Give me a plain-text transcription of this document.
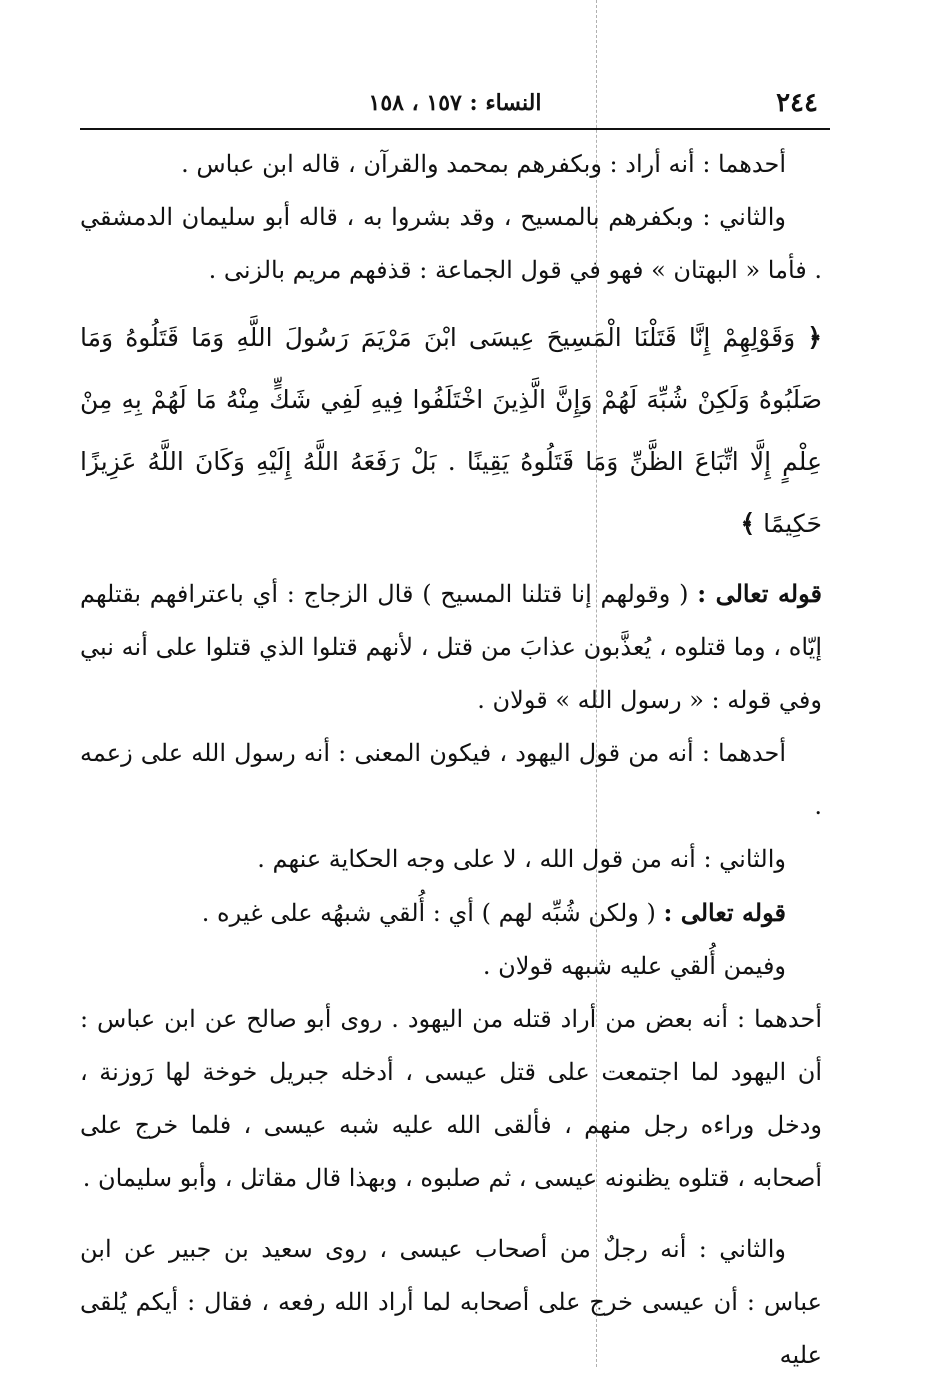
٢٤٤
النساء : ١٥٧ ، ١٥٨

أحدهما : أنه أراد : وبكفرهم بمحمد والقرآن ، قاله ابن عباس .

والثاني : وبكفرهم بالمسيح ، وقد بشروا به ، قاله أبو سليمان الدمشقي . فأما « البهتان » فهو في قول الجماعة : قذفهم مريم بالزنى .

﴿ وَقَوْلِهِمْ إِنَّا قَتَلْنَا الْمَسِيحَ عِيسَى ابْنَ مَرْيَمَ رَسُولَ اللَّهِ وَمَا قَتَلُوهُ وَمَا صَلَبُوهُ وَلَكِنْ شُبِّهَ لَهُمْ وَإِنَّ الَّذِينَ اخْتَلَفُوا فِيهِ لَفِي شَكٍّ مِنْهُ مَا لَهُمْ بِهِ مِنْ عِلْمٍ إِلَّا اتِّبَاعَ الظَّنِّ وَمَا قَتَلُوهُ يَقِينًا . بَلْ رَفَعَهُ اللَّهُ إِلَيْهِ وَكَانَ اللَّهُ عَزِيزًا حَكِيمًا ﴾

قوله تعالى : ( وقولهم إنا قتلنا المسيح ) قال الزجاج : أي باعترافهم بقتلهم إيّاه ، وما قتلوه ، يُعذَّبون عذابَ من قتل ، لأنهم قتلوا الذي قتلوا على أنه نبي وفي قوله : « رسول الله » قولان .

أحدهما : أنه من قول اليهود ، فيكون المعنى : أنه رسول الله على زعمه .

والثاني : أنه من قول الله ، لا على وجه الحكاية عنهم .

قوله تعالى : ( ولكن شُبِّه لهم ) أي : أُلقي شبهُه على غيره .

وفيمن أُلقي عليه شبهه قولان .

أحدهما : أنه بعض من أراد قتله من اليهود . روى أبو صالح عن ابن عباس : أن اليهود لما اجتمعت على قتل عيسى ، أدخله جبريل خوخة لها رَوزنة ، ودخل وراءه رجل منهم ، فألقى الله عليه شبه عيسى ، فلما خرج على أصحابه ، قتلوه يظنونه عيسى ، ثم صلبوه ، وبهذا قال مقاتل ، وأبو سليمان .

والثاني : أنه رجلٌ من أصحاب عيسى ، روى سعيد بن جبير عن ابن عباس : أن عيسى خرج على أصحابه لما أراد الله رفعه ، فقال : أيكم يُلقى عليه
